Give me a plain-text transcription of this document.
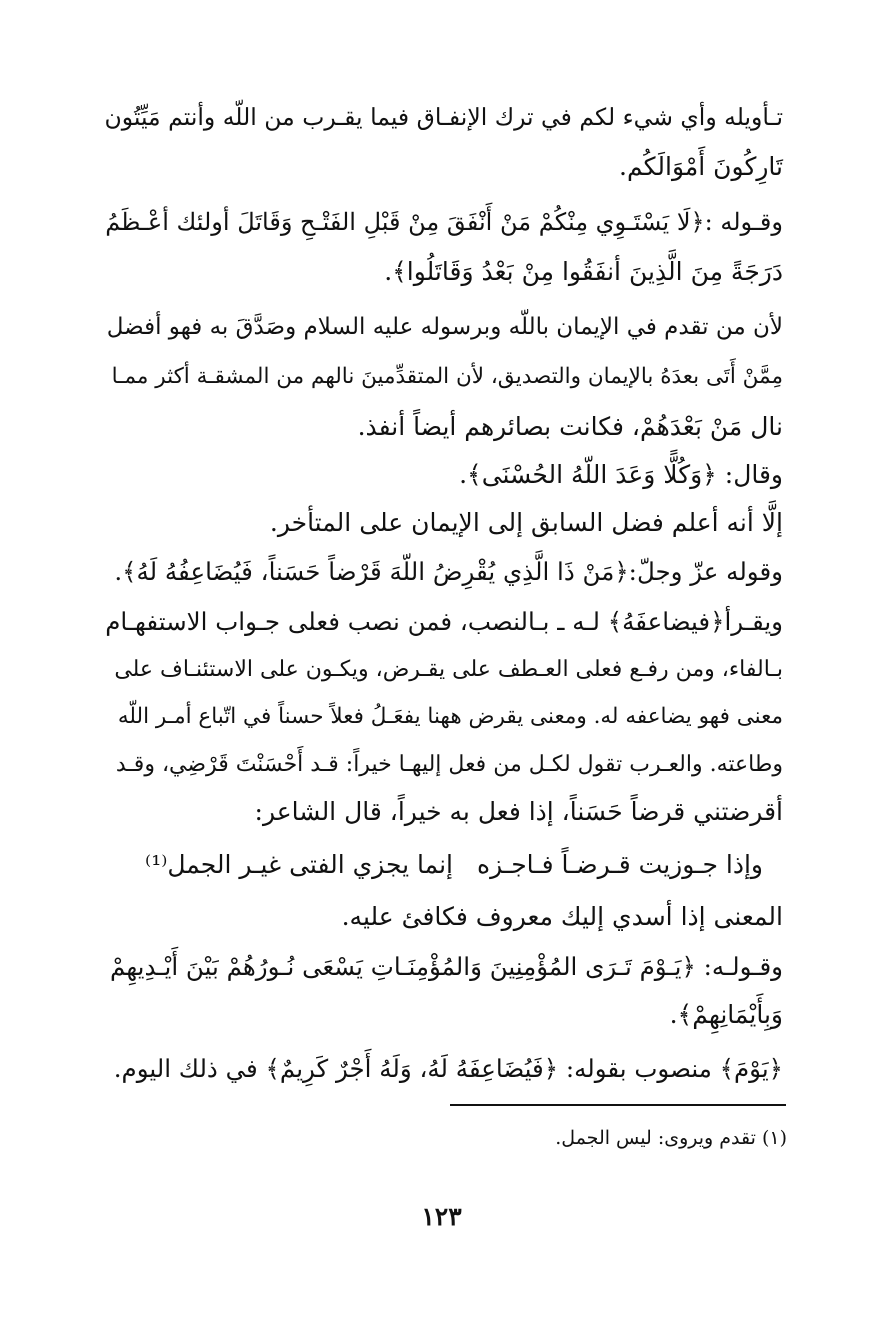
تـأويله وأي شيء لكم في ترك الإنفـاق فيما يقـرب من اللّه وأنتم مَيِّتُون
تَارِكُونَ أَمْوَالَكُم.
وقـوله :﴿لَا يَسْتَـوِي مِنْكُمْ مَنْ أَنْفَقَ مِنْ قَبْلِ الفَتْـحِ وَقَاتَلَ أولئك أعْـظَمُ
دَرَجَةً مِنَ الَّذِينَ أنفَقُوا مِنْ بَعْدُ وَقَاتَلُوا﴾.
لأن من تقدم في الإيمان باللّه وبرسوله عليه السلام وصَدَّقَ به فهو أفضل
مِمَّنْ أَتَى بعدَهُ بالإيمان والتصديق، لأن المتقدِّمينَ نالهم من المشقـة أكثر ممـا
نال مَنْ بَعْدَهُمْ، فكانت بصائرهم أيضاً أنفذ.
وقال: ﴿وَكُلًّا وَعَدَ اللّهُ الحُسْنَى﴾.
إلَّا أنه أعلم فضل السابق إلى الإيمان على المتأخر.
وقوله عزّ وجلّ:﴿مَنْ ذَا الَّذِي يُقْرِضُ اللّهَ قَرْضاً حَسَناً، فَيُضَاعِفُهُ لَهُ﴾.
ويقـرأ﴿فيضاعفَهُ﴾ لـه ـ بـالنصب، فمن نصب فعلى جـواب الاستفهـام
بـالفاء، ومن رفـع فعلى العـطف على يقـرض، ويكـون على الاستئنـاف على
معنى فهو يضاعفه له. ومعنى يقرض ههنا يفعَـلُ فعلاً حسناً في اتّباع أمـر اللّه
وطاعته. والعـرب تقول لكـل من فعل إليهـا خيراً: قـد أَحْسَنْتَ قَرْضِي، وقـد
أقرضتني قرضاً حَسَناً، إذا فعل به خيراً، قال الشاعر:
وإذا جـوزيت قـرضـاً فـاجـزه
إنما يجزي الفتى غيـر الجمل⁽¹⁾
المعنى إذا أسدي إليك معروف فكافئ عليه.
وقـولـه: ﴿يَـوْمَ تَـرَى المُؤْمِنِينَ وَالمُؤْمِنَـاتِ يَسْعَى نُـورُهُمْ بَيْنَ أَيْـدِيهِمْ
وَبِأَيْمَانِهِمْ﴾.
﴿يَوْمَ﴾ منصوب بقوله: ﴿فَيُضَاعِفَهُ لَهُ، وَلَهُ أَجْرٌ كَرِيمٌ﴾ في ذلك اليوم.
(١) تقدم ويروى: ليس الجمل.
١٢٣
